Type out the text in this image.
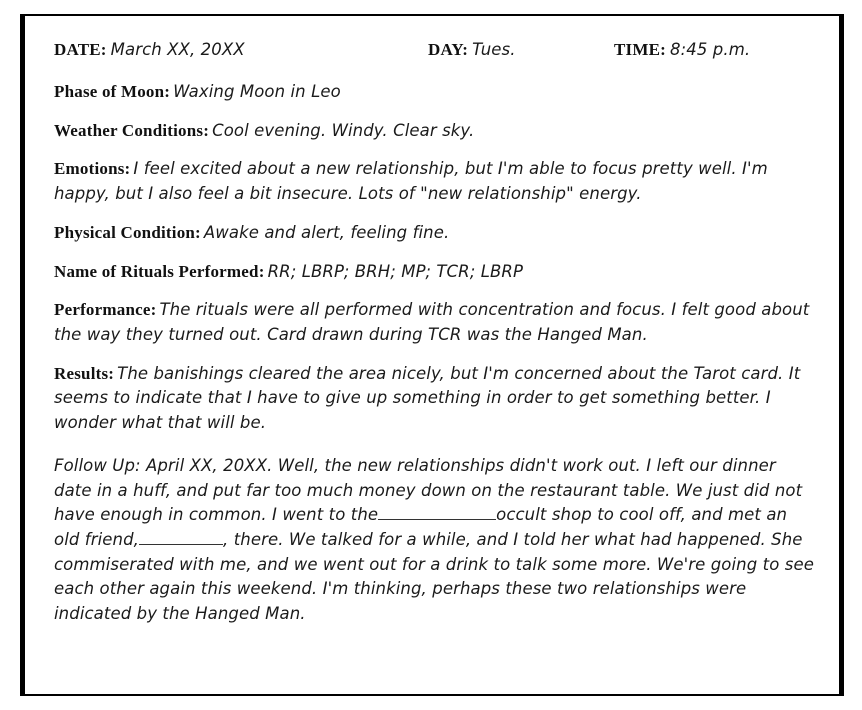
DATE: March XX, 20XX	DAY: Tues.	TIME: 8:45 p.m.
Phase of Moon: Waxing Moon in Leo
Weather Conditions: Cool evening. Windy. Clear sky.
Emotions: I feel excited about a new relationship, but I'm able to focus pretty well. I'm happy, but I also feel a bit insecure. Lots of "new relationship" energy.
Physical Condition: Awake and alert, feeling fine.
Name of Rituals Performed: RR; LBRP; BRH; MP; TCR; LBRP
Performance: The rituals were all performed with concentration and focus. I felt good about the way they turned out. Card drawn during TCR was the Hanged Man.
Results: The banishings cleared the area nicely, but I'm concerned about the Tarot card. It seems to indicate that I have to give up something in order to get something better. I wonder what that will be.
Follow Up: April XX, 20XX. Well, the new relationships didn't work out. I left our dinner date in a huff, and put far too much money down on the restaurant table. We just did not have enough in common. I went to the	occult shop to cool off, and met an old friend,	, there. We talked for a while, and I told her what had happened. She commiserated with me, and we went out for a drink to talk some more. We're going to see each other again this weekend. I'm thinking, perhaps these two relationships were indicated by the Hanged Man.
